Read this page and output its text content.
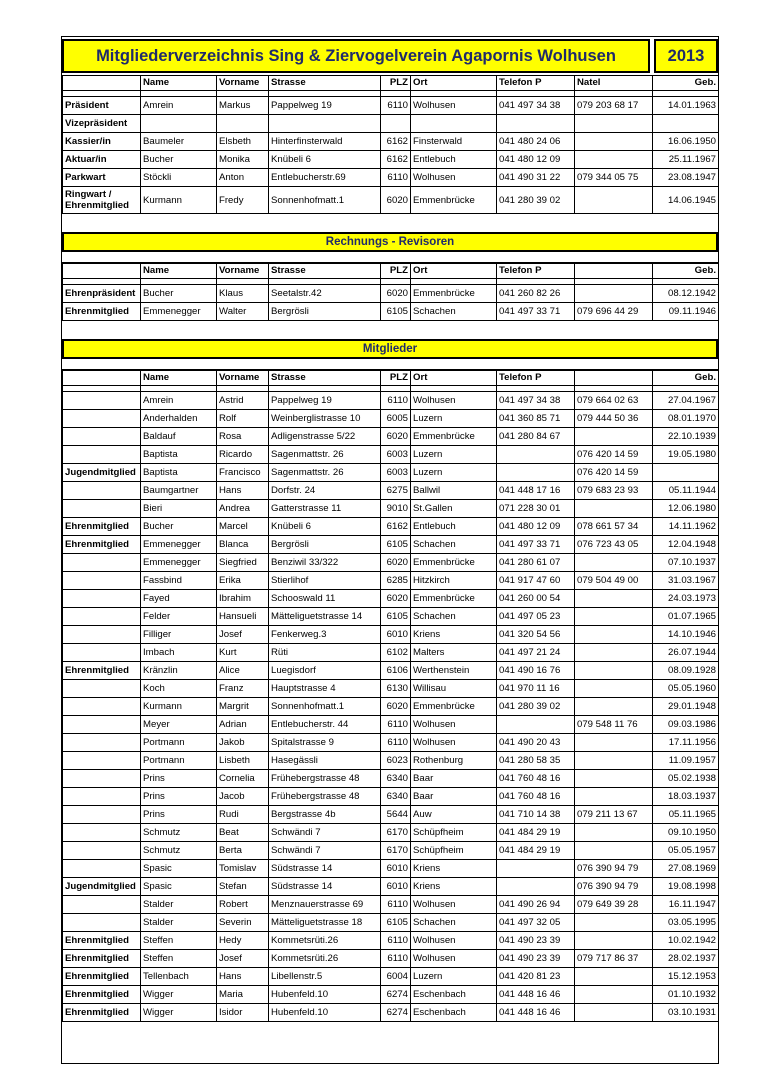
Mitgliederverzeichnis Sing & Ziervogelverein Agapornis Wolhusen	2013
	Name	Vorname	Strasse	PLZ	Ort	Telefon P	Natel	Geb.

Präsident	Amrein	Markus	Pappelweg 19	6110	Wolhusen	041 497 34 38	079 203 68 17	14.01.1963
Vizepräsident								
Kassier/in	Baumeler	Elsbeth	Hinterfinsterwald	6162	Finsterwald	041 480 24 06		16.06.1950
Aktuar/in	Bucher	Monika	Knübeli 6	6162	Entlebuch	041 480 12 09		25.11.1967
Parkwart	Stöckli	Anton	Entlebucherstr.69	6110	Wolhusen	041 490 31 22	079 344 05 75	23.08.1947
Ringwart / Ehrenmitglied	Kurmann	Fredy	Sonnenhofmatt.1	6020	Emmenbrücke	041 280 39 02		14.06.1945
Rechnungs - Revisoren
	Name	Vorname	Strasse	PLZ	Ort	Telefon P		Geb.

Ehrenpräsident	Bucher	Klaus	Seetalstr.42	6020	Emmenbrücke	041 260 82 26		08.12.1942
Ehrenmitglied	Emmenegger	Walter	Bergrösli	6105	Schachen	041 497 33 71	079 696 44 29	09.11.1946
Mitglieder
	Name	Vorname	Strasse	PLZ	Ort	Telefon P		Geb.

	Amrein	Astrid	Pappelweg 19	6110	Wolhusen	041 497 34 38	079 664 02 63	27.04.1967
	Anderhalden	Rolf	Weinberglistrasse 10	6005	Luzern	041 360 85 71	079 444 50 36	08.01.1970
	Baldauf	Rosa	Adligenstrasse 5/22	6020	Emmenbrücke	041 280 84 67		22.10.1939
	Baptista	Ricardo	Sagenmattstr. 26	6003	Luzern		076 420 14 59	19.05.1980
Jugendmitglied	Baptista	Francisco	Sagenmattstr. 26	6003	Luzern		076 420 14 59	
	Baumgartner	Hans	Dorfstr. 24	6275	Ballwil	041 448 17 16	079 683 23 93	05.11.1944
	Bieri	Andrea	Gatterstrasse 11	9010	St.Gallen	071 228 30 01		12.06.1980
Ehrenmitglied	Bucher	Marcel	Knübeli 6	6162	Entlebuch	041 480 12 09	078 661 57 34	14.11.1962
Ehrenmitglied	Emmenegger	Blanca	Bergrösli	6105	Schachen	041 497 33 71	076 723 43 05	12.04.1948
	Emmenegger	Siegfried	Benziwil 33/322	6020	Emmenbrücke	041 280 61 07		07.10.1937
	Fassbind	Erika	Stierlihof	6285	Hitzkirch	041 917 47 60	079 504 49 00	31.03.1967
	Fayed	Ibrahim	Schooswald 11	6020	Emmenbrücke	041 260 00 54		24.03.1973
	Felder	Hansueli	Mätteliguetstrasse 14	6105	Schachen	041 497 05 23		01.07.1965
	Filliger	Josef	Fenkerweg.3	6010	Kriens	041 320 54 56		14.10.1946
	Imbach	Kurt	Rüti	6102	Malters	041 497 21 24		26.07.1944
Ehrenmitglied	Kränzlin	Alice	Luegisdorf	6106	Werthenstein	041 490 16 76		08.09.1928
	Koch	Franz	Hauptstrasse 4	6130	Willisau	041 970 11 16		05.05.1960
	Kurmann	Margrit	Sonnenhofmatt.1	6020	Emmenbrücke	041 280 39 02		29.01.1948
	Meyer	Adrian	Entlebucherstr. 44	6110	Wolhusen		079 548 11 76	09.03.1986
	Portmann	Jakob	Spitalstrasse 9	6110	Wolhusen	041 490 20 43		17.11.1956
	Portmann	Lisbeth	Hasegässli	6023	Rothenburg	041 280 58 35		11.09.1957
	Prins	Cornelia	Frühebergstrasse 48	6340	Baar	041 760 48 16		05.02.1938
	Prins	Jacob	Frühebergstrasse 48	6340	Baar	041 760 48 16		18.03.1937
	Prins	Rudi	Bergstrasse 4b	5644	Auw	041 710 14 38	079 211 13 67	05.11.1965
	Schmutz	Beat	Schwändi 7	6170	Schüpfheim	041 484 29 19		09.10.1950
	Schmutz	Berta	Schwändi 7	6170	Schüpfheim	041 484 29 19		05.05.1957
	Spasic	Tomislav	Südstrasse 14	6010	Kriens		076 390 94 79	27.08.1969
Jugendmitglied	Spasic	Stefan	Südstrasse 14	6010	Kriens		076 390 94 79	19.08.1998
	Stalder	Robert	Menznauerstrasse 69	6110	Wolhusen	041 490 26 94	079 649 39 28	16.11.1947
	Stalder	Severin	Mätteliguetstrasse 18	6105	Schachen	041 497 32 05		03.05.1995
Ehrenmitglied	Steffen	Hedy	Kommetsrüti.26	6110	Wolhusen	041 490 23 39		10.02.1942
Ehrenmitglied	Steffen	Josef	Kommetsrüti.26	6110	Wolhusen	041 490 23 39	079 717 86 37	28.02.1937
Ehrenmitglied	Tellenbach	Hans	Libellenstr.5	6004	Luzern	041 420 81 23		15.12.1953
Ehrenmitglied	Wigger	Maria	Hubenfeld.10	6274	Eschenbach	041 448 16 46		01.10.1932
Ehrenmitglied	Wigger	Isidor	Hubenfeld.10	6274	Eschenbach	041 448 16 46		03.10.1931
